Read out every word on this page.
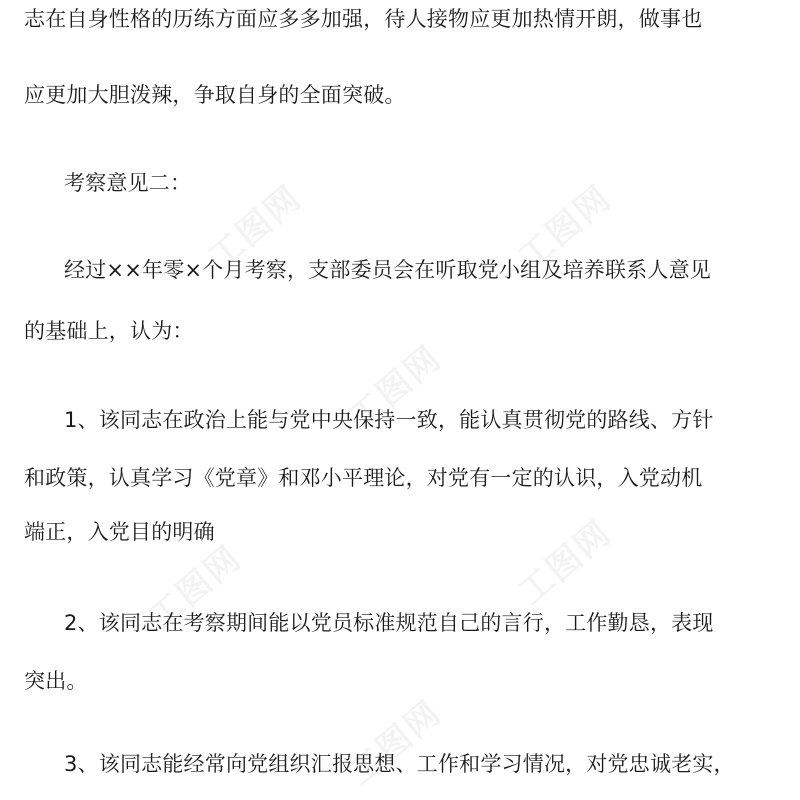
工图网	工图网
工图网
工图网	工图网
工图网
志在自身性格的历练方面应多多加强，待人接物应更加热情开朗，做事也
应更加大胆泼辣，争取自身的全面突破。
考察意见二：
经过××年零×个月考察，支部委员会在听取党小组及培养联系人意见
的基础上，认为：
1、该同志在政治上能与党中央保持一致，能认真贯彻党的路线、方针
和政策，认真学习《党章》和邓小平理论，对党有一定的认识，入党动机
端正，入党目的明确
2、该同志在考察期间能以党员标准规范自己的言行，工作勤恳，表现
突出。
3、该同志能经常向党组织汇报思想、工作和学习情况，对党忠诚老实，
